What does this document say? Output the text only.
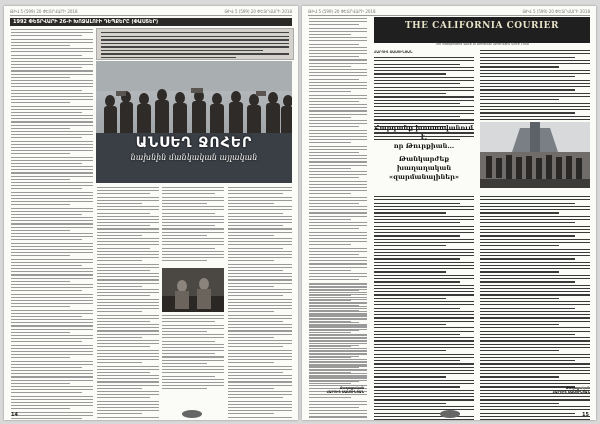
ԹԻՎ 5 (599) 20 ՓԵՏՐՎԱՐԻ 2018	ԹԻՎ 5 (599) 20 ՓԵՏՐՎԱՐԻ 2018
1992 ՓԵՏՐՎԱՐԻ 26-Ի ԽՈՋԱԼՈՒԻ ԴԵՊՔԵՐԸ (ՓԱՍՏԵՐ)
ԱՆՍԵՂ ՋՈՀԵՐ
նախնին մանկական այլական
14
ԹԻՎ 5 (599) 20 ՓԵՏՐՎԱՐԻ 2018	ԹԻՎ 5 (599) 20 ՓԵՏՐՎԱՐԻ 2018
THE CALIFORNIA COURIER
The Independent Voice of Armenian Americans Since 1958
ՀԱՐՈՒՏ ՍԱՍՈՒՆՅԱՆ
Հարգանք խոստովանում է,
որ Թուրքիան...
Թանկարժեք խաղաղական
«զարմանալիներ»
Քաղաքական
ՀԱՐՈՒՏ ՍԱՍՈՒՆՅԱՆ
Քաղաքական
ՀԱՐՈՒՏ ՍԱՍՈՒՆՅԱՆ
15
